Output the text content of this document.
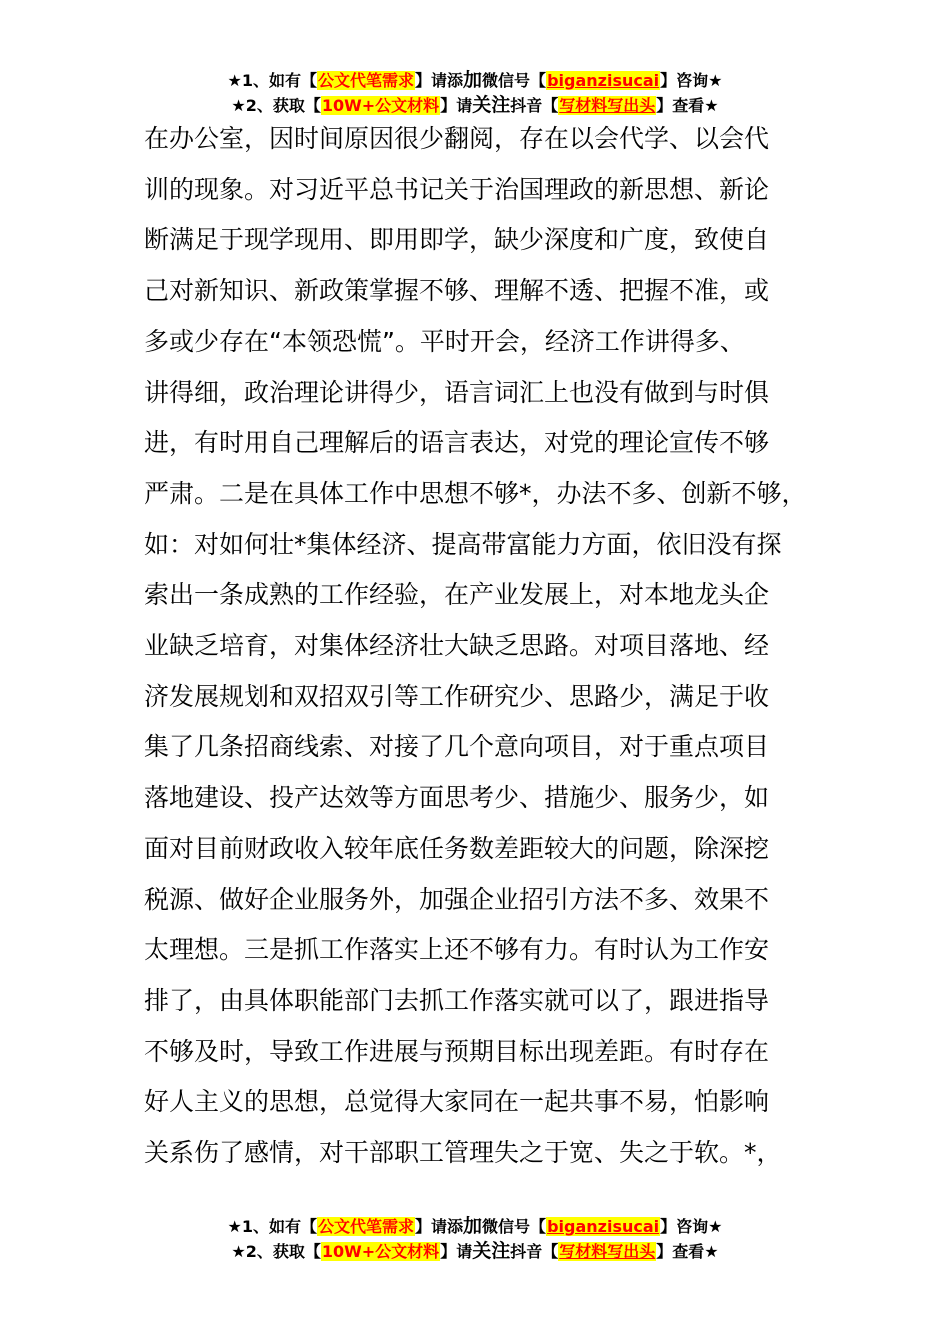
★1、如有【公文代笔需求】请添加微信号【biganzisucai】咨询★
★2、获取【10W+公文材料】请关注抖音【写材料写出头】查看★
在办公室，因时间原因很少翻阅，存在以会代学、以会代
训的现象。对习近平总书记关于治国理政的新思想、新论
断满足于现学现用、即用即学，缺少深度和广度，致使自
己对新知识、新政策掌握不够、理解不透、把握不准，或
多或少存在“本领恐慌”。平时开会，经济工作讲得多、
讲得细，政治理论讲得少，语言词汇上也没有做到与时俱
进，有时用自己理解后的语言表达，对党的理论宣传不够
严肃。二是在具体工作中思想不够*，办法不多、创新不够，
如：对如何壮*集体经济、提高带富能力方面，依旧没有探
索出一条成熟的工作经验，在产业发展上，对本地龙头企
业缺乏培育，对集体经济壮大缺乏思路。对项目落地、经
济发展规划和双招双引等工作研究少、思路少，满足于收
集了几条招商线索、对接了几个意向项目，对于重点项目
落地建设、投产达效等方面思考少、措施少、服务少，如
面对目前财政收入较年底任务数差距较大的问题，除深挖
税源、做好企业服务外，加强企业招引方法不多、效果不
太理想。三是抓工作落实上还不够有力。有时认为工作安
排了，由具体职能部门去抓工作落实就可以了，跟进指导
不够及时，导致工作进展与预期目标出现差距。有时存在
好人主义的思想，总觉得大家同在一起共事不易，怕影响
关系伤了感情，对干部职工管理失之于宽、失之于软。*，
★1、如有【公文代笔需求】请添加微信号【biganzisucai】咨询★
★2、获取【10W+公文材料】请关注抖音【写材料写出头】查看★
